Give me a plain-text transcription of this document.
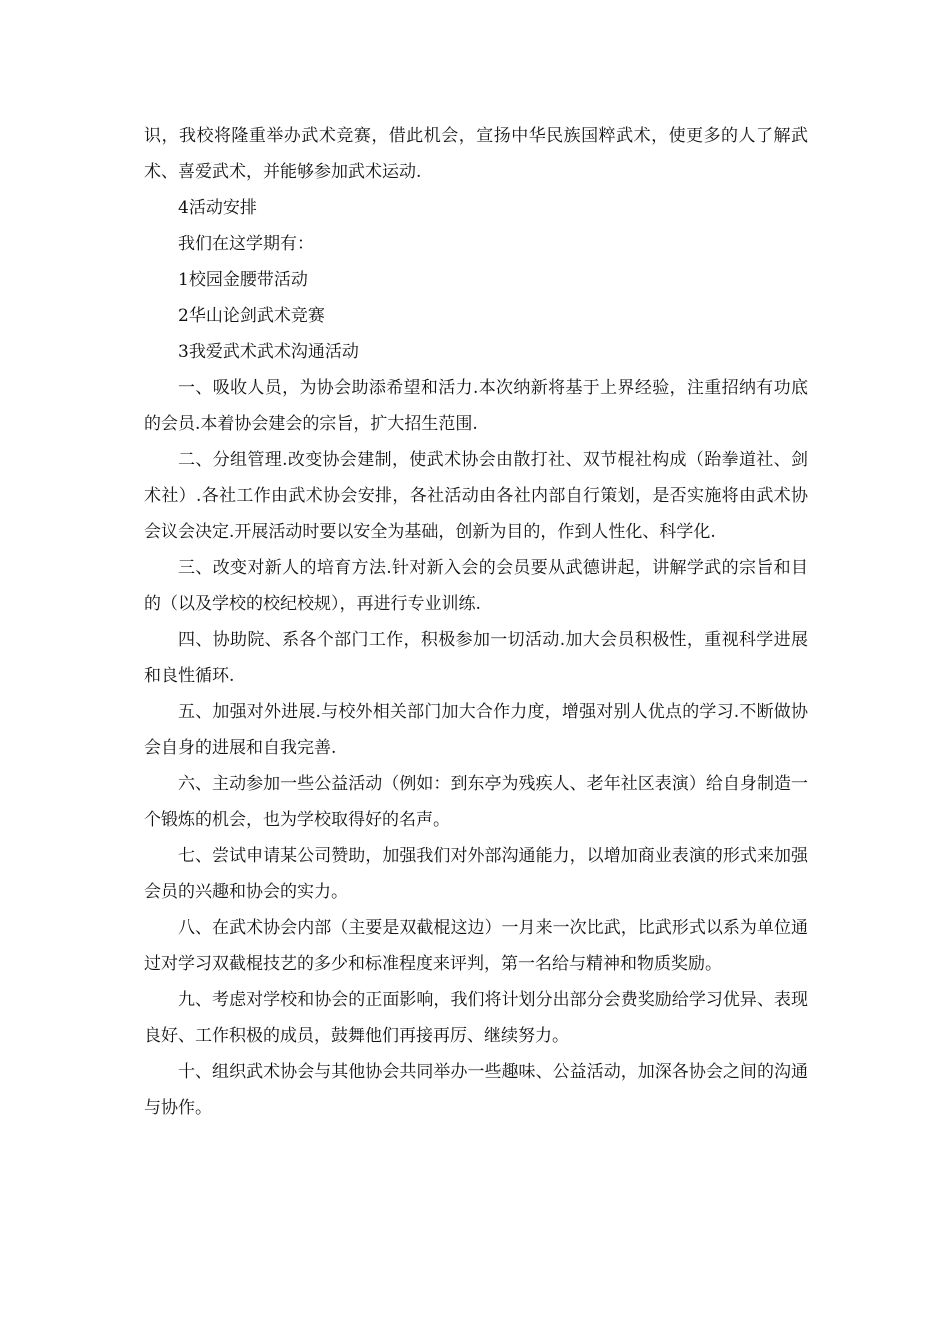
识，我校将隆重举办武术竞赛，借此机会，宣扬中华民族国粹武术，使更多的人了解武术、喜爱武术，并能够参加武术运动.

4活动安排

我们在这学期有：

1校园金腰带活动

2华山论剑武术竞赛

3我爱武术武术沟通活动

一、吸收人员，为协会助添希望和活力.本次纳新将基于上界经验，注重招纳有功底的会员.本着协会建会的宗旨，扩大招生范围.

二、分组管理.改变协会建制，使武术协会由散打社、双节棍社构成（跆拳道社、剑术社）.各社工作由武术协会安排，各社活动由各社内部自行策划，是否实施将由武术协会议会决定.开展活动时要以安全为基础，创新为目的，作到人性化、科学化.

三、改变对新人的培育方法.针对新入会的会员要从武德讲起，讲解学武的宗旨和目的（以及学校的校纪校规），再进行专业训练.

四、协助院、系各个部门工作，积极参加一切活动.加大会员积极性，重视科学进展和良性循环.

五、加强对外进展.与校外相关部门加大合作力度，增强对别人优点的学习.不断做协会自身的进展和自我完善.

六、主动参加一些公益活动（例如：到东亭为残疾人、老年社区表演）给自身制造一个锻炼的机会，也为学校取得好的名声。

七、尝试申请某公司赞助，加强我们对外部沟通能力，以增加商业表演的形式来加强会员的兴趣和协会的实力。

八、在武术协会内部（主要是双截棍这边）一月来一次比武，比武形式以系为单位通过对学习双截棍技艺的多少和标准程度来评判，第一名给与精神和物质奖励。

九、考虑对学校和协会的正面影响，我们将计划分出部分会费奖励给学习优异、表现良好、工作积极的成员，鼓舞他们再接再厉、继续努力。

十、组织武术协会与其他协会共同举办一些趣味、公益活动，加深各协会之间的沟通与协作。
